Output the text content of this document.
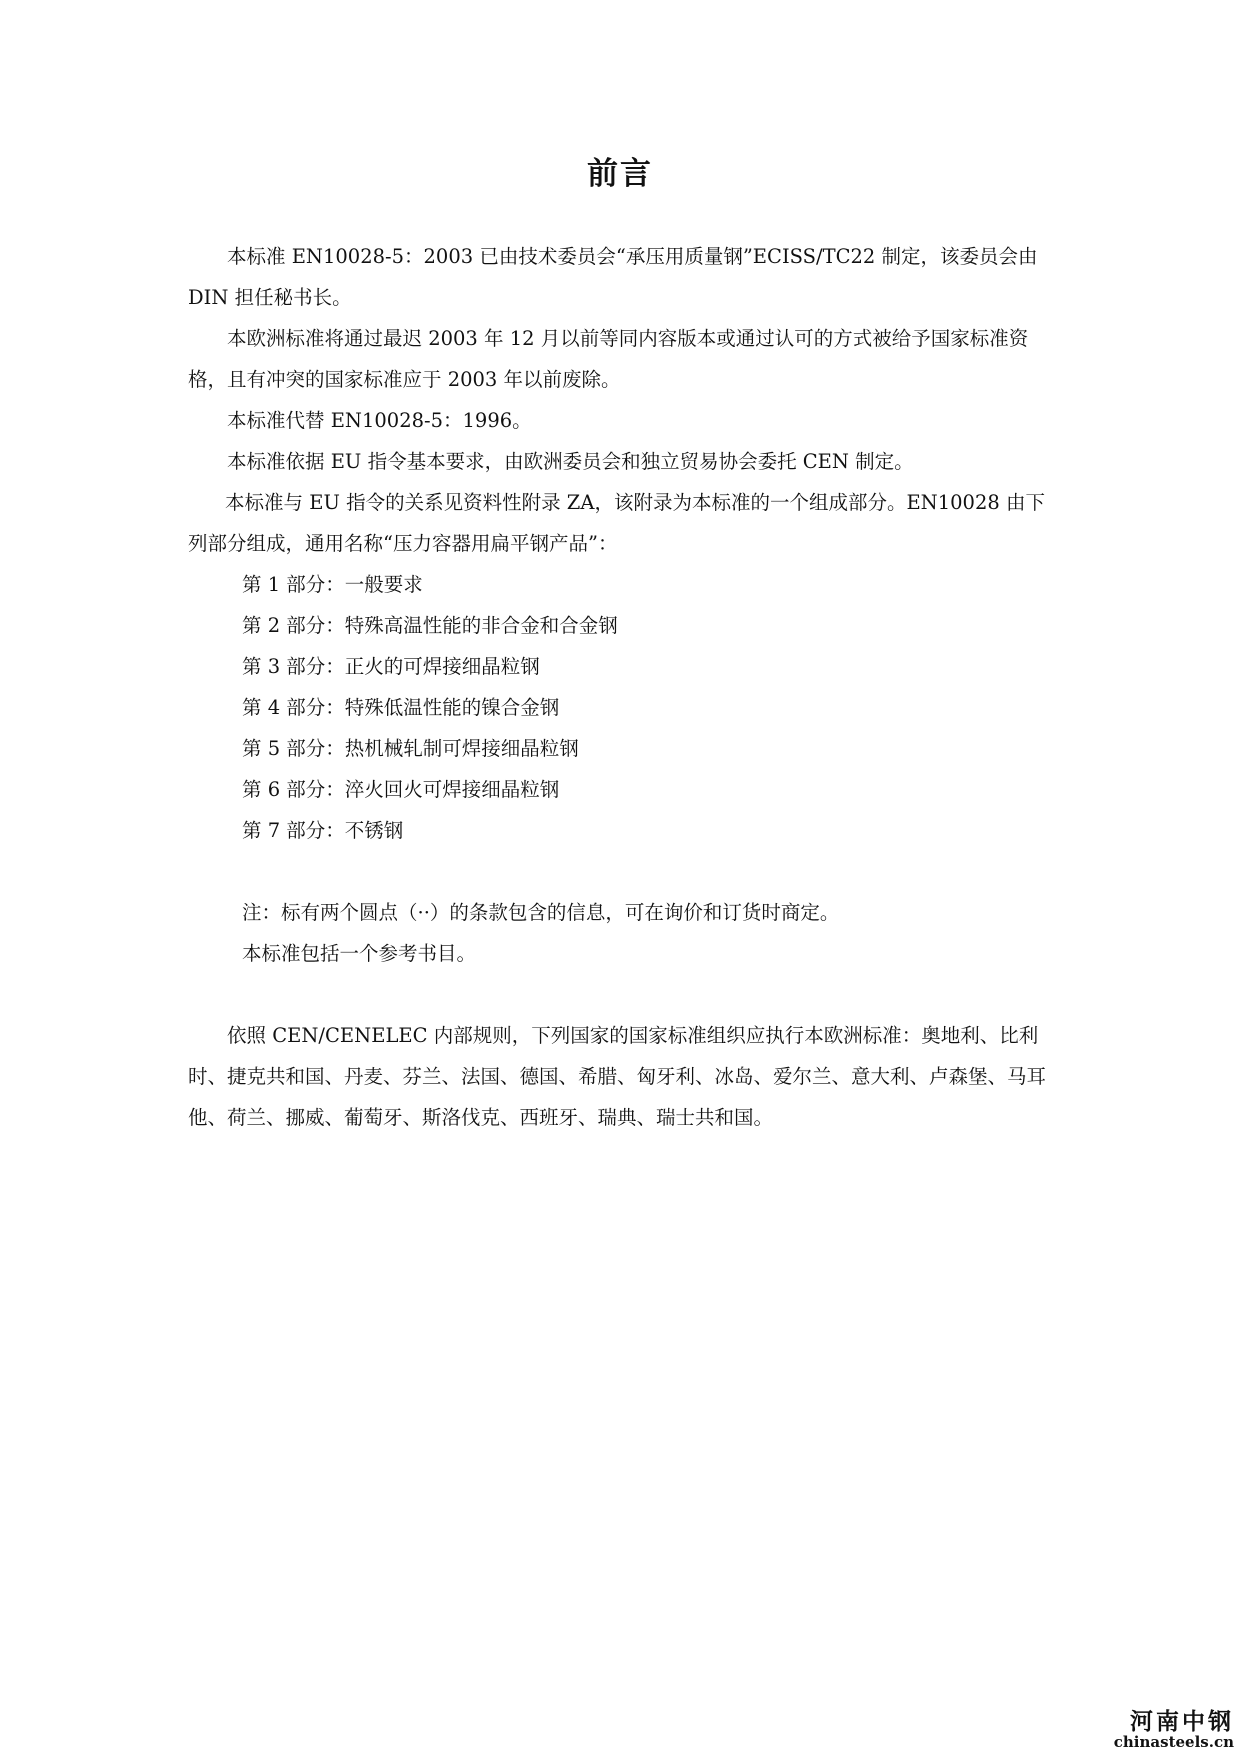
前言

本标准 EN10028-5：2003 已由技术委员会“承压用质量钢”ECISS/TC22 制定，该委员会由 DIN 担任秘书长。

本欧洲标准将通过最迟 2003 年 12 月以前等同内容版本或通过认可的方式被给予国家标准资格，且有冲突的国家标准应于 2003 年以前废除。

本标准代替 EN10028-5：1996。

本标准依据 EU 指令基本要求，由欧洲委员会和独立贸易协会委托 CEN 制定。

本标准与 EU 指令的关系见资料性附录 ZA，该附录为本标准的一个组成部分。EN10028 由下列部分组成，通用名称“压力容器用扁平钢产品”：

第 1 部分：一般要求

第 2 部分：特殊高温性能的非合金和合金钢

第 3 部分：正火的可焊接细晶粒钢

第 4 部分：特殊低温性能的镍合金钢

第 5 部分：热机械轧制可焊接细晶粒钢

第 6 部分：淬火回火可焊接细晶粒钢

第 7 部分：不锈钢

注：标有两个圆点（··）的条款包含的信息，可在询价和订货时商定。

本标准包括一个参考书目。

依照 CEN/CENELEC 内部规则，下列国家的国家标准组织应执行本欧洲标准：奥地利、比利时、捷克共和国、丹麦、芬兰、法国、德国、希腊、匈牙利、冰岛、爱尔兰、意大利、卢森堡、马耳他、荷兰、挪威、葡萄牙、斯洛伐克、西班牙、瑞典、瑞士共和国。

河南中钢
chinasteels.cn
